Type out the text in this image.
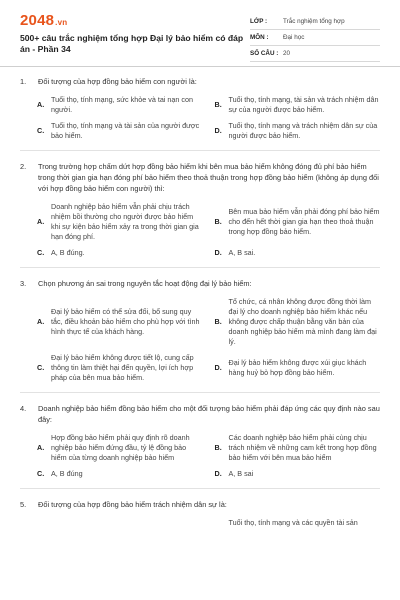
2048.vn
500+ câu trắc nghiệm tổng hợp Đại lý bảo hiểm có đáp án - Phần 34
LỚP :	Trắc nghiệm tổng hợp
MÔN :	Đại học
SỐ CÂU : 20
1.	Đối tượng của hợp đồng bảo hiểm con người là:
A.
Tuổi thọ, tính mạng, sức khỏe và tai nạn con người.
B.
Tuổi thọ, tính mạng, tài sản và trách nhiệm dân sự của người được bảo hiểm.
C.
Tuổi thọ, tính mạng và tài sản của người được bảo hiểm.
D.
Tuổi thọ, tính mạng và trách nhiệm dân sự của người được bảo hiểm.
2.	Trong trường hợp chấm dứt hợp đồng bảo hiểm khi bên mua bảo hiểm không đóng đủ phí bảo hiểm trong thời gian gia hạn đóng phí bảo hiểm theo thoả thuận trong hợp đồng bảo hiểm (không áp dụng đối với hợp đồng bảo hiểm con người) thì:
A.
Doanh nghiệp bảo hiểm vẫn phải chịu trách nhiệm bồi thường cho người được bảo hiểm khi sự kiện bảo hiểm xảy ra trong thời gian gia hạn đóng phí.
B.
Bên mua bảo hiểm vẫn phải đóng phí bảo hiểm cho đến hết thời gian gia hạn theo thoả thuận trong hợp đồng bảo hiểm.
C. A, B đúng.	D. A, B sai.
3.	Chọn phương án sai trong nguyên tắc hoạt động đại lý bảo hiểm:
A.
Đại lý bảo hiểm có thể sửa đổi, bổ sung quy tắc, điều khoản bảo hiểm cho phù hợp với tình hình thực tế của khách hàng.
B.
Tổ chức, cá nhân không được đồng thời làm đại lý cho doanh nghiệp bảo hiểm khác nếu không được chấp thuận bằng văn bản của doanh nghiệp bảo hiểm mà mình đang làm đại lý.
C.
Đại lý bảo hiểm không được tiết lộ, cung cấp thông tin làm thiệt hại đến quyền, lợi ích hợp pháp của bên mua bảo hiểm.
D.
Đại lý bảo hiểm không được xúi giục khách hàng huỷ bỏ hợp đồng bảo hiểm.
4.	Doanh nghiệp bảo hiểm đồng bảo hiểm cho một đối tượng bảo hiểm phải đáp ứng các quy định nào sau đây:
A.
Hợp đồng bảo hiểm phải quy định rõ doanh nghiệp bảo hiểm đứng đầu, tỷ lệ đồng bảo hiểm của từng doanh nghiệp bảo hiểm
B.
Các doanh nghiệp bảo hiểm phải cùng chịu trách nhiệm về những cam kết trong hợp đồng bảo hiểm với bên mua bảo hiểm
C. A, B đúng	D. A, B sai
5.	Đối tượng của hợp đồng bảo hiểm trách nhiệm dân sự là:
Tuổi thọ, tính mạng và các quyền tài sản
